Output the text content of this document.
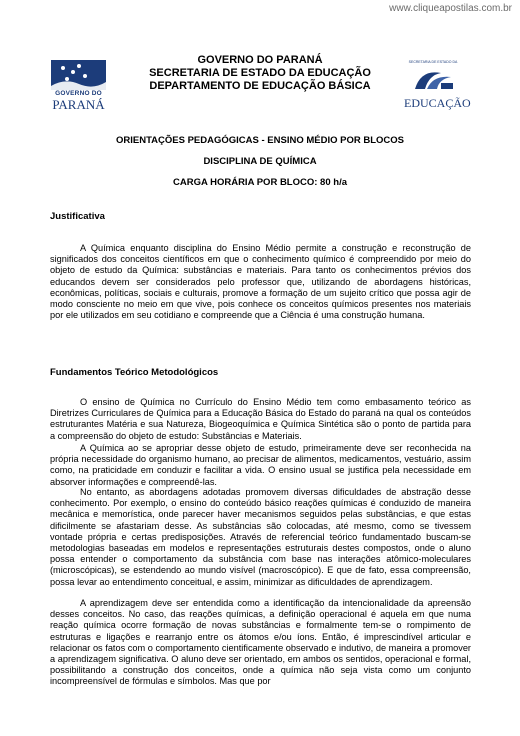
www.cliqueapostilas.com.br
GOVERNO DO
PARANÁ
GOVERNO DO PARANÁ
SECRETARIA DE ESTADO DA EDUCAÇÃO
DEPARTAMENTO DE EDUCAÇÃO BÁSICA
SECRETARIA DE ESTADO DA
EDUCAÇÃO
ORIENTAÇÕES PEDAGÓGICAS - ENSINO MÉDIO POR BLOCOS
DISCIPLINA DE QUÍMICA
CARGA HORÁRIA POR BLOCO: 80 h/a
Justificativa

A Química enquanto disciplina do Ensino Médio permite a construção e reconstrução de significados dos conceitos científicos em que o conhecimento químico é compreendido por meio do objeto de estudo da Química: substâncias e materiais. Para tanto os conhecimentos prévios dos educandos devem ser considerados pelo professor que, utilizando de abordagens históricas, econômicas, políticas, sociais e culturais, promove a formação de um sujeito crítico que possa agir de modo consciente no meio em que vive, pois conhece os conceitos químicos presentes nos materiais por ele utilizados em seu cotidiano e compreende que a Ciência é uma construção humana.

Fundamentos Teórico Metodológicos

O ensino de Química no Currículo do Ensino Médio tem como embasamento teórico as Diretrizes Curriculares de Química para a Educação Básica do Estado do paraná na qual os conteúdos estruturantes Matéria e sua Natureza, Biogeoquímica e Química Sintética são o ponto de partida para a compreensão do objeto de estudo: Substâncias e Materiais.

A Química ao se apropriar desse objeto de estudo, primeiramente deve ser reconhecida na própria necessidade do organismo humano, ao precisar de alimentos, medicamentos, vestuário, assim como, na praticidade em conduzir e facilitar a vida. O ensino usual se justifica pela necessidade em absorver informações e compreendê-las.

No entanto, as abordagens adotadas promovem diversas dificuldades de abstração desse conhecimento. Por exemplo, o ensino do conteúdo básico reações químicas é conduzido de maneira mecânica e memorística, onde parecer haver mecanismos seguidos pelas substâncias, e que estas dificilmente se afastariam desse. As substâncias são colocadas, até mesmo, como se tivessem vontade própria e certas predisposições. Através de referencial teórico fundamentado buscam-se metodologias baseadas em modelos e representações estruturais destes compostos, onde o aluno possa entender o comportamento da substância com base nas interações atômico-moleculares (microscópicas), se estendendo ao mundo visível (macroscópico). E que de fato, essa compreensão, possa levar ao entendimento conceitual, e assim, minimizar as dificuldades de aprendizagem.

A aprendizagem deve ser entendida como a identificação da intencionalidade da apreensão desses conceitos. No caso, das reações químicas, a definição operacional é aquela em que numa reação química ocorre formação de novas substâncias e formalmente tem-se o rompimento de estruturas e ligações e rearranjo entre os átomos e/ou íons. Então, é imprescindível articular e relacionar os fatos com o comportamento cientificamente observado e indutivo, de maneira a promover a aprendizagem significativa. O aluno deve ser orientado, em ambos os sentidos, operacional e formal, possibilitando a construção dos conceitos, onde a química não seja vista como um conjunto incompreensível de fórmulas e símbolos. Mas que por
